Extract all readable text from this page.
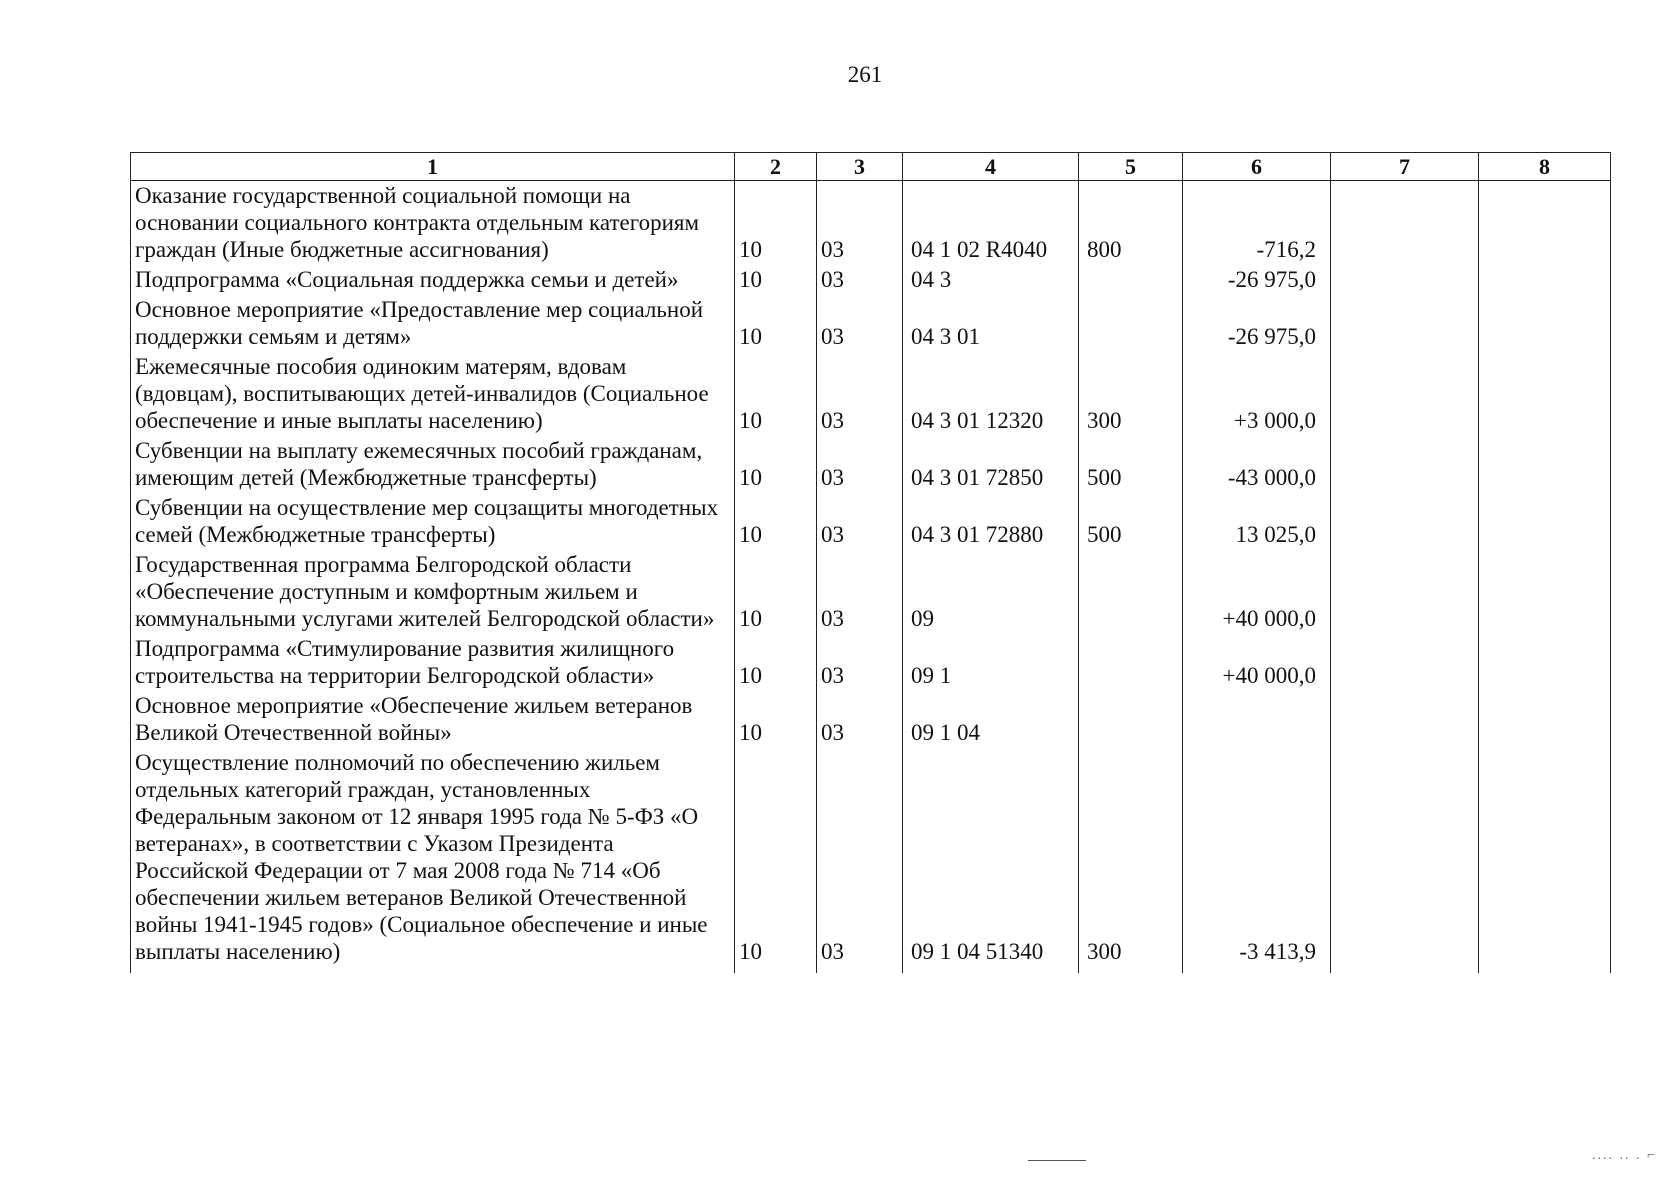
261
1	2	3	4	5	6	7	8
Оказание государственной социальной помощи на основании социального контракта отдельным категориям граждан (Иные бюджетные ассигнования)	10	03	04 1 02 R4040	800	-716,2		
Подпрограмма «Социальная поддержка семьи и детей»	10	03	04 3		-26 975,0		
Основное мероприятие «Предоставление мер социальной поддержки семьям и детям»	10	03	04 3 01		-26 975,0		
Ежемесячные пособия одиноким матерям, вдовам (вдовцам), воспитывающих детей-инвалидов (Социальное обеспечение и иные выплаты населению)	10	03	04 3 01 12320	300	+3 000,0		
Субвенции на выплату ежемесячных пособий гражданам, имеющим детей (Межбюджетные трансферты)	10	03	04 3 01 72850	500	-43 000,0		
Субвенции на осуществление мер соцзащиты многодетных семей (Межбюджетные трансферты)	10	03	04 3 01 72880	500	13 025,0		
Государственная программа Белгородской области «Обеспечение доступным и комфортным жильем и коммунальными услугами жителей Белгородской области»	10	03	09		+40 000,0		
Подпрограмма «Стимулирование развития жилищного строительства на территории Белгородской области»	10	03	09 1		+40 000,0		
Основное мероприятие «Обеспечение жильем ветеранов Великой Отечественной войны»	10	03	09 1 04				
Осуществление полномочий по обеспечению жильем отдельных категорий граждан, установленных Федеральным законом от 12 января 1995 года № 5-ФЗ «О ветеранах», в соответствии с Указом Президента Российской Федерации от 7 мая 2008 года № 714 «Об обеспечении жильем ветеранов Великой Отечественной войны 1941-1945 годов» (Социальное обеспечение и иные выплаты населению)	10	03	09 1 04 51340	300	-3 413,9		
.... .. . ⌐
